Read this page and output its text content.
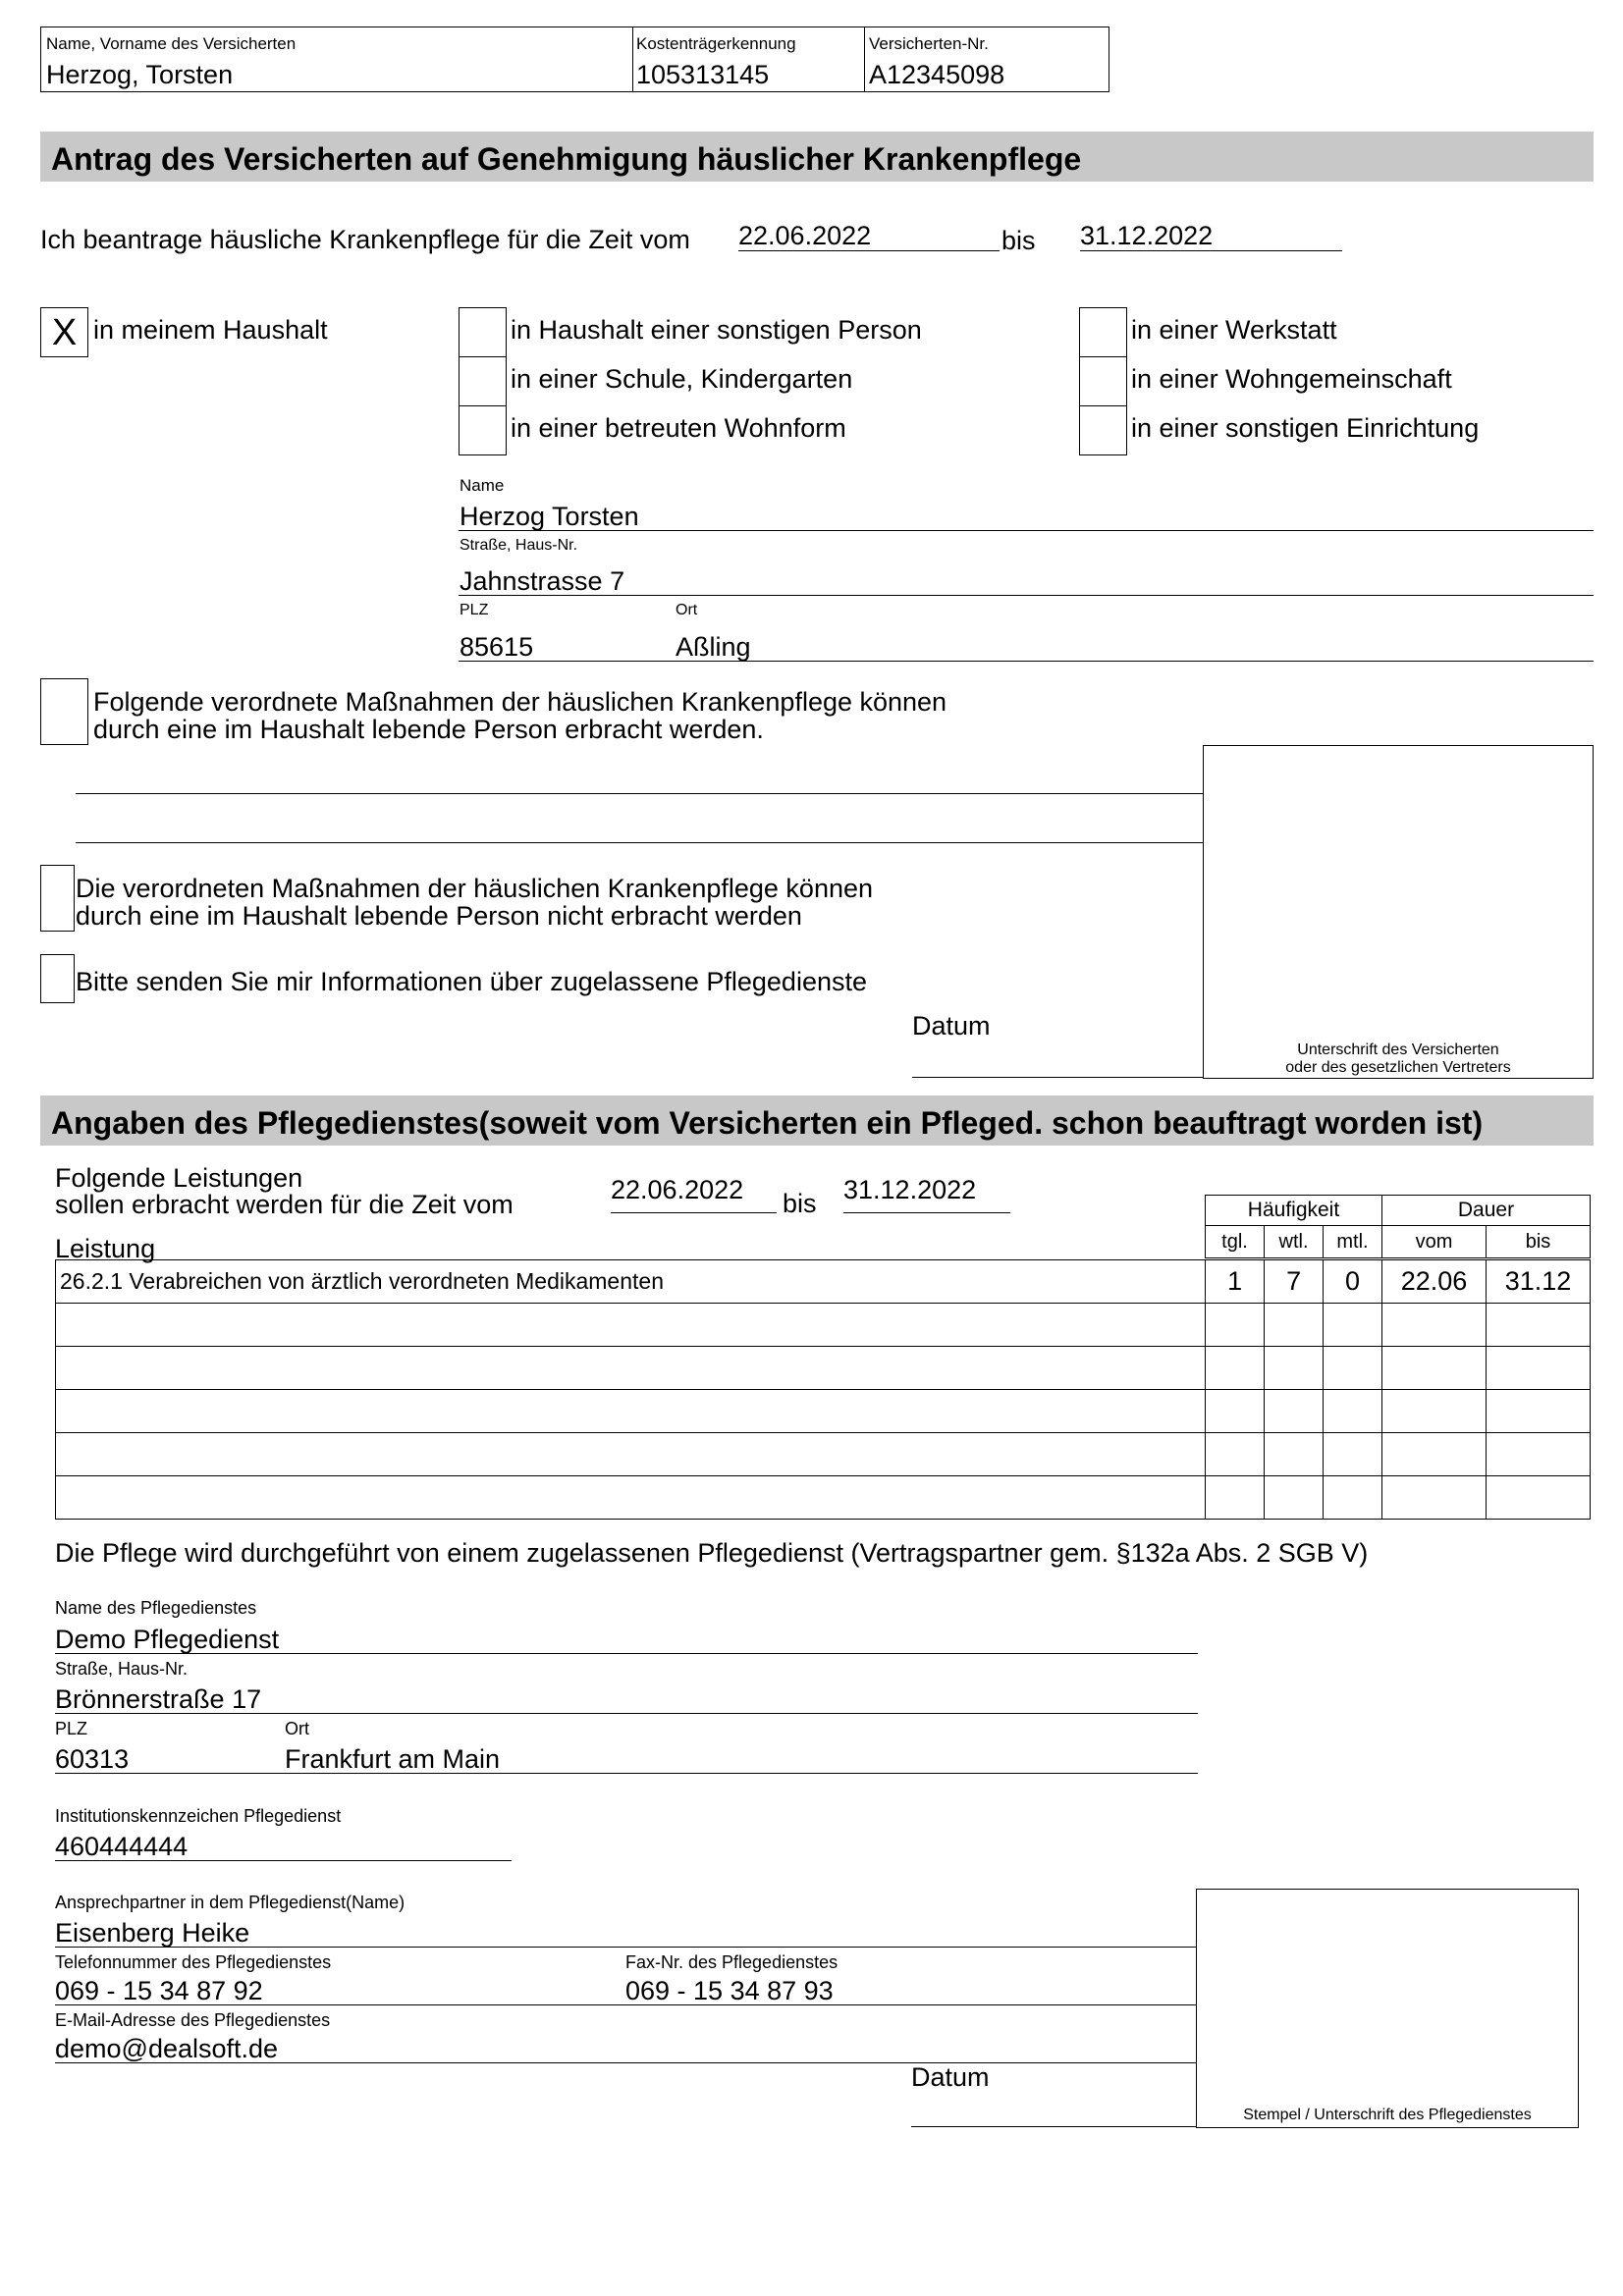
Name, Vorname des Versicherten
Herzog, Torsten
Kostenträgerkennung
105313145
Versicherten-Nr.
A12345098
Antrag des Versicherten auf Genehmigung häuslicher Krankenpflege
Ich beantrage häusliche Krankenpflege für die Zeit vom 22.06.2022	bis 31.12.2022
X in meinem Haushalt	in Haushalt einer sonstigen Person
in einer Schule, Kindergarten
in einer betreuten Wohnform
in einer Werkstatt
in einer Wohngemeinschaft
in einer sonstigen Einrichtung
Name
Herzog Torsten
Straße, Haus-Nr.
Jahnstrasse 7
PLZ	Ort
85615	Aßling
Folgende verordnete Maßnahmen der häuslichen Krankenpflege können
durch eine im Haushalt lebende Person erbracht werden.
Unterschrift des Versicherten
oder des gesetzlichen Vertreters
Die verordneten Maßnahmen der häuslichen Krankenpflege können
durch eine im Haushalt lebende Person nicht erbracht werden
Bitte senden Sie mir Informationen über zugelassene Pflegedienste
Datum
Angaben des Pflegedienstes(soweit vom Versicherten ein Pfleged. schon beauftragt worden ist)
Folgende Leistungen
sollen erbracht werden für die Zeit vom	22.06.2022 bis 31.12.2022
Leistung
Häufigkeit			Dauer	
tgl.	wtl.	mtl.	vom	bis
26.2.1 Verabreichen von ärztlich verordneten Medikamenten	1	7	0	22.06	31.12

Die Pflege wird durchgeführt von einem zugelassenen Pflegedienst (Vertragspartner gem. §132a Abs. 2 SGB V)
Name des Pflegedienstes
Demo Pflegedienst
Straße, Haus-Nr.
Brönnerstraße 17
PLZ	Ort
60313	Frankfurt am Main
Institutionskennzeichen Pflegedienst
460444444
Ansprechpartner in dem Pflegedienst(Name)
Eisenberg Heike
Telefonnummer des Pflegedienstes	Fax-Nr. des Pflegedienstes
069 - 15 34 87 92	069 - 15 34 87 93
E-Mail-Adresse des Pflegedienstes
demo@dealsoft.de
Stempel / Unterschrift des Pflegedienstes
Datum
